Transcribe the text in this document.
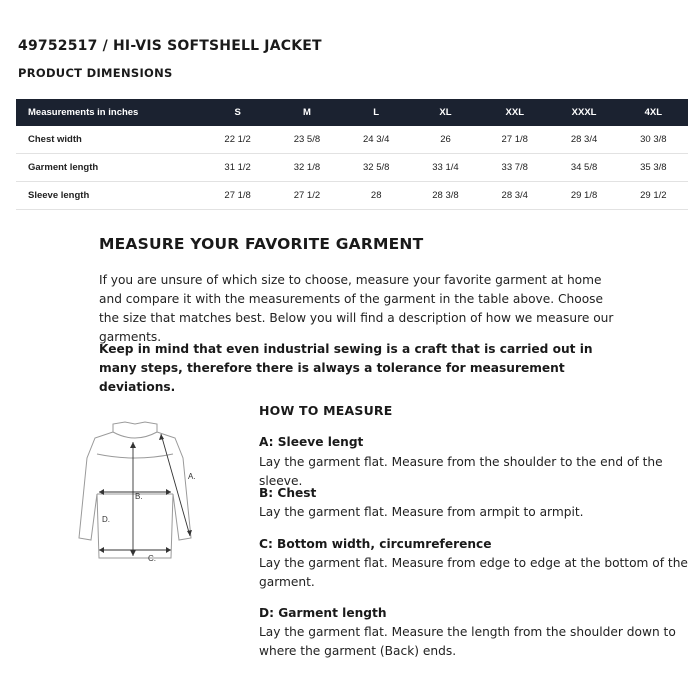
49752517 / HI-VIS SOFTSHELL JACKET
PRODUCT DIMENSIONS
Measurements in inches	S	M	L	XL	XXL	XXXL	4XL
Chest width	22 1/2	23 5/8	24 3/4	26	27 1/8	28 3/4	30 3/8
Garment length	31 1/2	32 1/8	32 5/8	33 1/4	33 7/8	34 5/8	35 3/8
Sleeve length	27 1/8	27 1/2	28	28 3/8	28 3/4	29 1/8	29 1/2
MEASURE YOUR FAVORITE GARMENT

If you are unsure of which size to choose, measure your favorite garment at home and compare it with the measurements of the garment in the table above. Choose the size that matches best. Below you will find a description of how we measure our garments.

Keep in mind that even industrial sewing is a craft that is carried out in many steps, therefore there is always a tolerance for measurement deviations.

A.
B.
C.
D.
HOW TO MEASURE

A: Sleeve lengt

Lay the garment flat. Measure from the shoulder to the end of the sleeve.

B: Chest

Lay the garment flat. Measure from armpit to armpit.

C: Bottom width, circumreference

Lay the garment flat. Measure from edge to edge at the bottom of the garment.

D: Garment length

Lay the garment flat. Measure the length from the shoulder down to where the garment (Back) ends.
